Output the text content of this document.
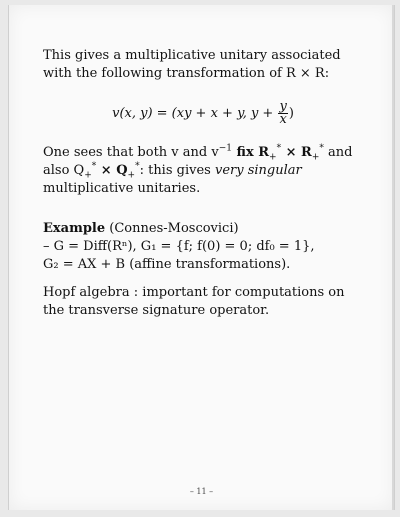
This gives a multiplicative unitary associated with the following transformation of R × R:

v(x, y) = (xy + x + y, $y + \frac{y}{x}$ )

One sees that both v and $v^{-1}$ fix $R_+^* \times R_+^*$ and also $Q_+^* \times Q_+^*$: this gives very singular multiplicative unitaries.

Example (Connes-Moscovici)

– G = Diff(Rⁿ), G₁ = {f; f(0) = 0; df₀ = 1},

G₂ = AX + B (affine transformations).

Hopf algebra : important for computations on the transverse signature operator.

– 11 –
